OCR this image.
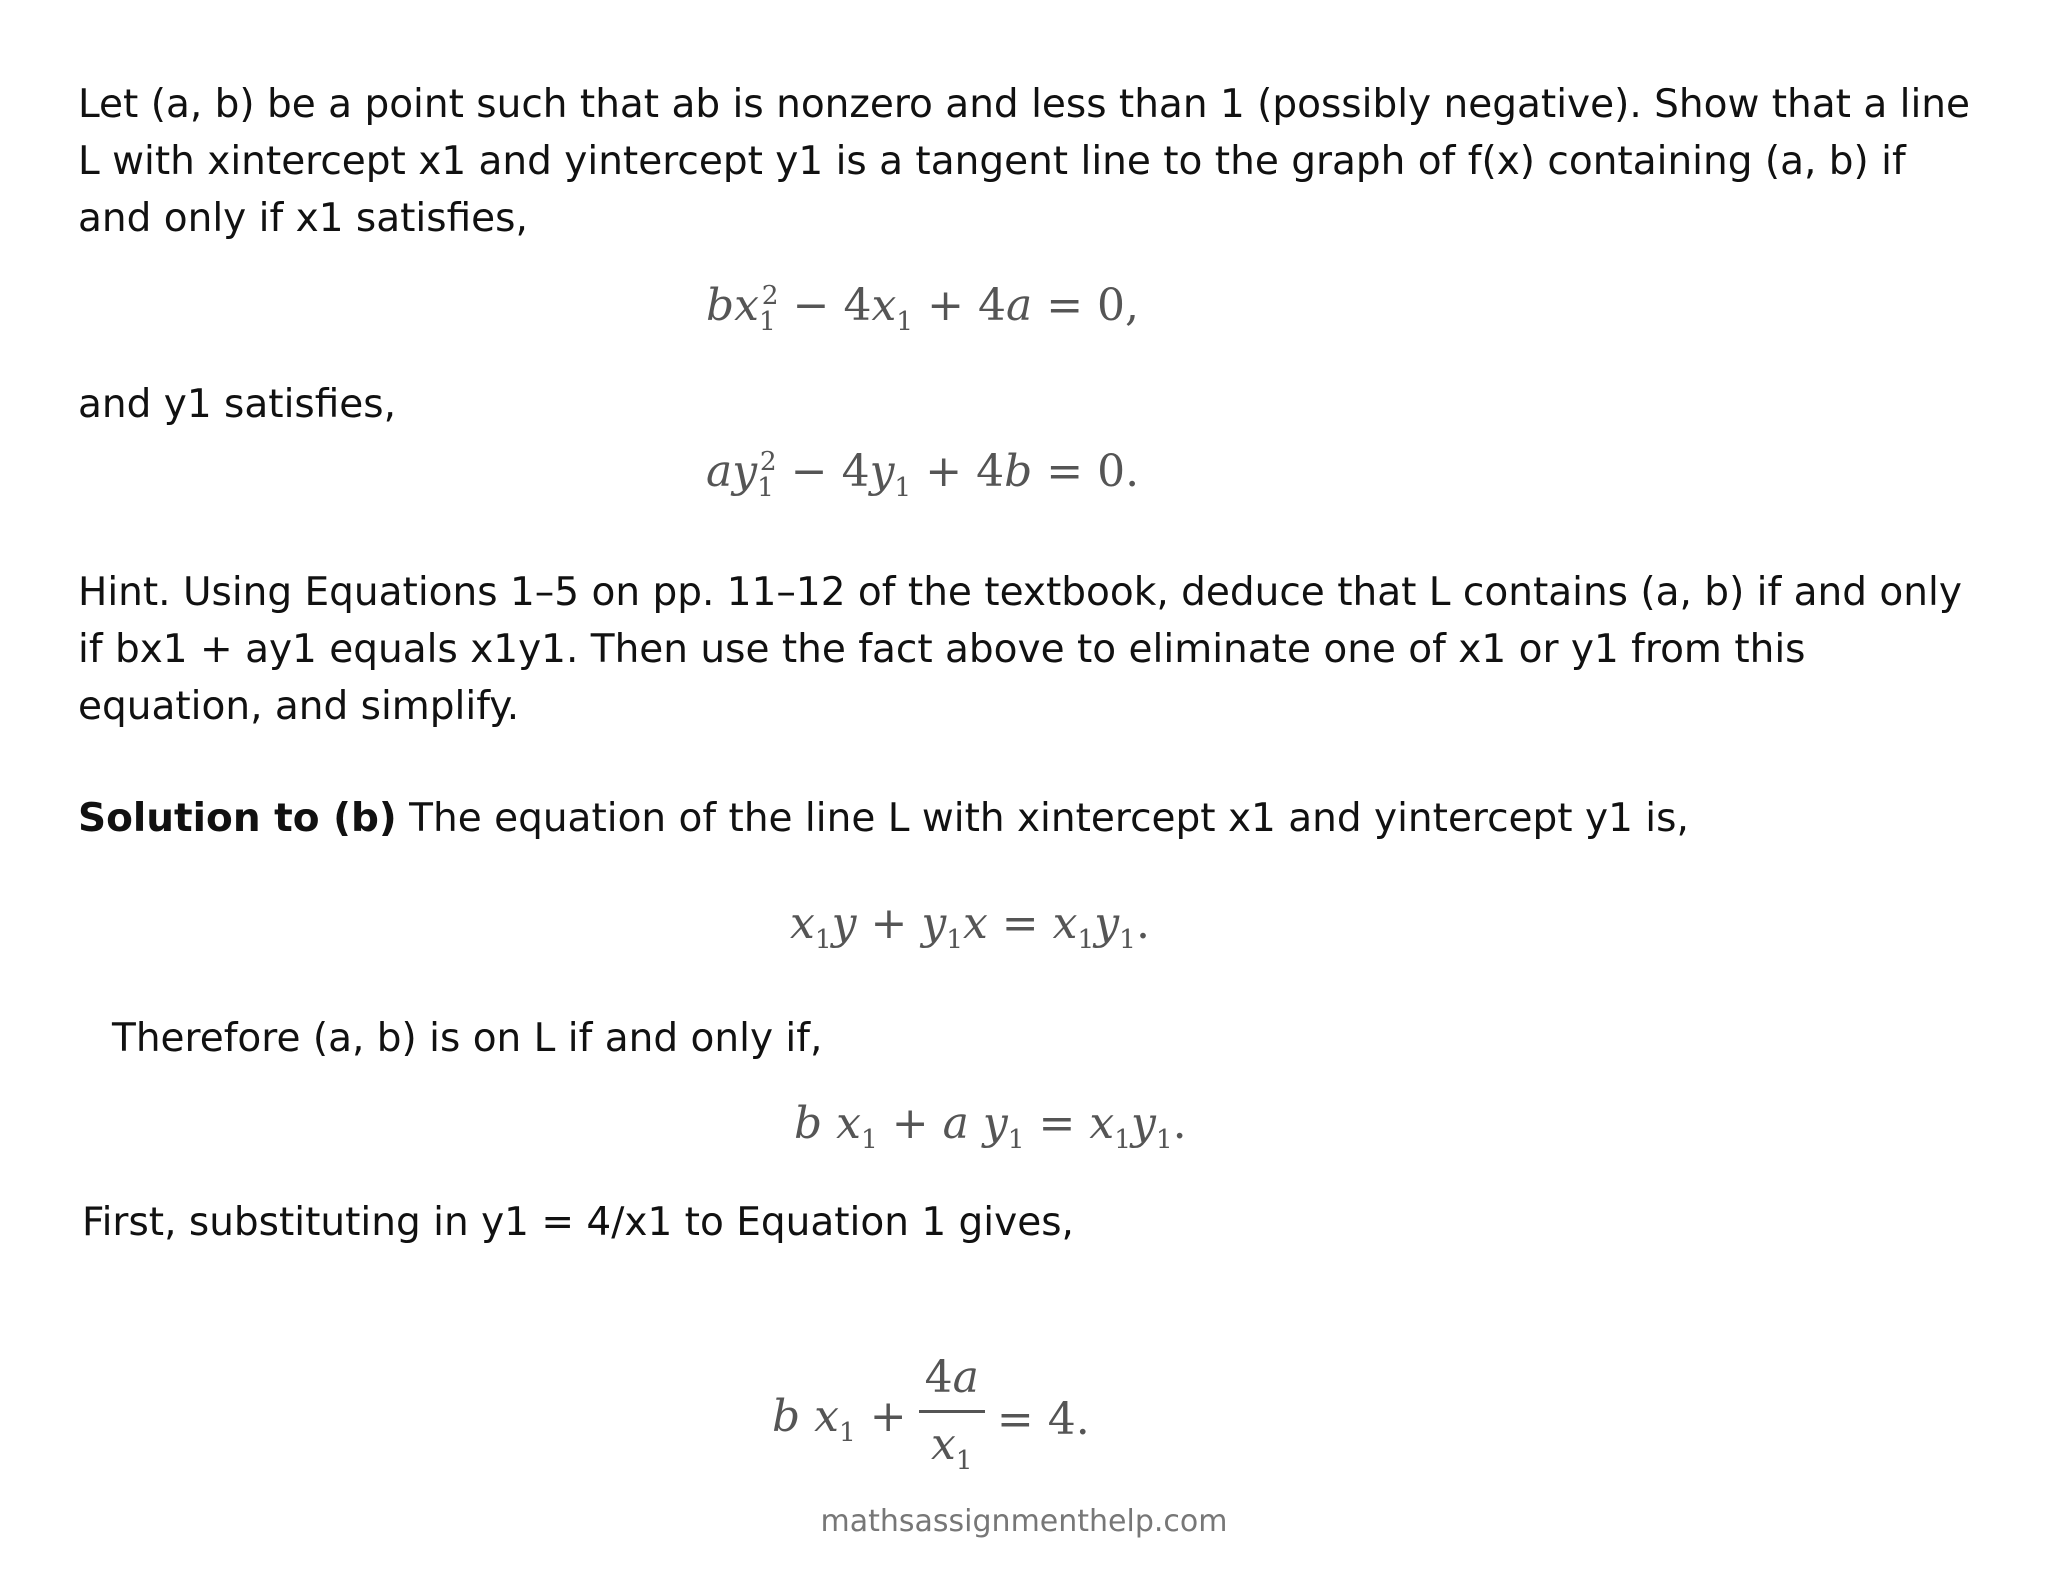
Let (a, b) be a point such that ab is nonzero and less than 1 (possibly negative). Show that a line L with xintercept x1 and yintercept y1 is a tangent line to the graph of f(x) containing (a, b) if and only if x1 satisfies,

$bx_1^2 - 4x_1 + 4a = 0$,

and y1 satisfies,

$ay_1^2 - 4y_1 + 4b = 0$.

Hint. Using Equations 1–5 on pp. 11–12 of the textbook, deduce that L contains (a, b) if and only if bx1 + ay1 equals x1y1. Then use the fact above to eliminate one of x1 or y1 from this equation, and simplify.

Solution to (b) The equation of the line L with xintercept x1 and yintercept y1 is,

$x_1y + y_1x = x_1y_1$.

Therefore (a, b) is on L if and only if,

b $x_1 + a$ $y_1 = x_1y_1$.

First, substituting in y1 = 4/x1 to Equation 1 gives,

b $x_1 + \frac{4a}{x_1} = 4$.
mathsassignmenthelp.com
